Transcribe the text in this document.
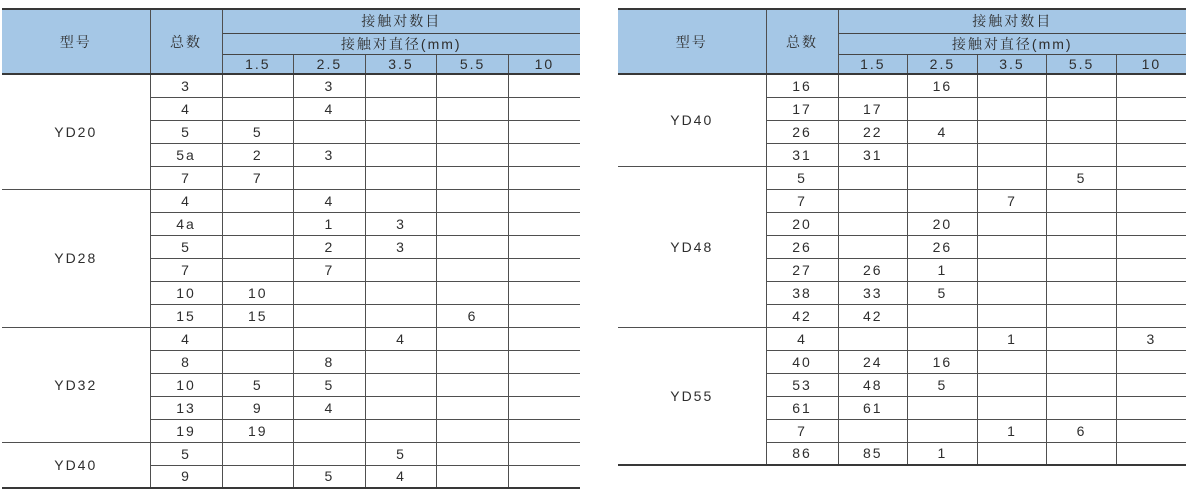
型号	总数	接触对数目				
		接触对直径(mm)				
		1.5	2.5	3.5	5.5	10
YD20	3		3			
	4		4			
	5	5				
	5a	2	3			
	7	7				
YD28	4		4			
	4a		1	3		
	5		2	3		
	7		7			
	10	10				
	15	15			6	
YD32	4			4		
	8		8			
	10	5	5			
	13	9	4			
	19	19				
YD40	5			5		
	9		5	4		
型号	总数	接触对数目				
		接触对直径(mm)				
		1.5	2.5	3.5	5.5	10
YD40	16		16			
	17	17				
	26	22	4			
	31	31				
YD48	5				5	
	7			7		
	20		20			
	26		26			
	27	26	1			
	38	33	5			
	42	42				
YD55	4			1		3
	40	24	16			
	53	48	5			
	61	61				
	7			1	6	
	86	85	1			
